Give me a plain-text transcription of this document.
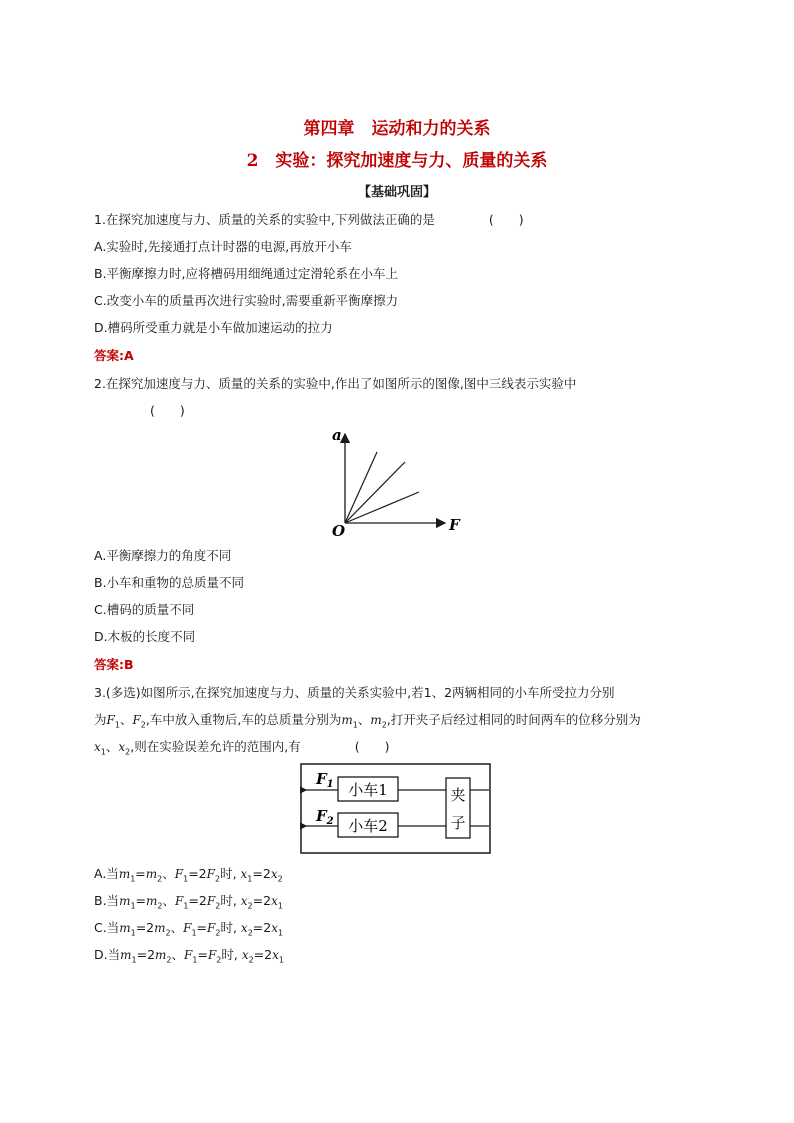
第四章　运动和力的关系
2　实验：探究加速度与力、质量的关系
【基础巩固】
1.在探究加速度与力、质量的关系的实验中,下列做法正确的是	(　　)
A.实验时,先接通打点计时器的电源,再放开小车
B.平衡摩擦力时,应将槽码用细绳通过定滑轮系在小车上
C.改变小车的质量再次进行实验时,需要重新平衡摩擦力
D.槽码所受重力就是小车做加速运动的拉力
答案:A
2.在探究加速度与力、质量的关系的实验中,作出了如图所示的图像,图中三线表示实验中
(　　)
a
F
O
A.平衡摩擦力的角度不同
B.小车和重物的总质量不同
C.槽码的质量不同
D.木板的长度不同
答案:B
3.(多选)如图所示,在探究加速度与力、质量的关系实验中,若1、2两辆相同的小车所受拉力分别
为$F_1$、$F_2$,车中放入重物后,车的总质量分别为$m_1$、$m_2$,打开夹子后经过相同的时间两车的位移分别为
$x_1$、$x_2$,则在实验误差允许的范围内,有	(　　)
小车1
$F_1$
小车2
$F_2$
夹
子
A.当$m_1=m_2$、$F_1=2F_2$时, $x_1=2x_2$
B.当$m_1=m_2$、$F_1=2F_2$时, $x_2=2x_1$
C.当$m_1=2m_2$、$F_1=F_2$时, $x_2=2x_1$
D.当$m_1=2m_2$、$F_1=F_2$时, $x_2=2x_1$
